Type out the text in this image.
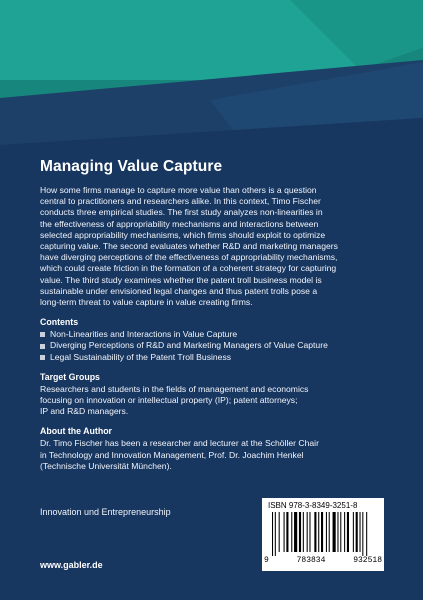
Managing Value Capture

How some firms manage to capture more value than others is a question

central to practitioners and researchers alike. In this context, Timo Fischer

conducts three empirical studies. The first study analyzes non-linearities in

the effectiveness of appropriability mechanisms and interactions between

selected appropriability mechanisms, which firms should exploit to optimize

capturing value. The second evaluates whether R&D and marketing managers

have diverging perceptions of the effectiveness of appropriability mechanisms,

which could create friction in the formation of a coherent strategy for capturing

value. The third study examines whether the patent troll business model is

sustainable under envisioned legal changes and thus patent trolls pose a

long-term threat to value capture in value creating firms.

Contents
Non-Linearities and Interactions in Value Capture
Diverging Perceptions of R&D and Marketing Managers of Value Capture
Legal Sustainability of the Patent Troll Business
Target Groups

Researchers and students in the fields of management and economics

focusing on innovation or intellectual property (IP); patent attorneys;

IP and R&D managers.

About the Author

Dr. Timo Fischer has been a researcher and lecturer at the Schöller Chair

in Technology and Innovation Management, Prof. Dr. Joachim Henkel

(Technische Universität München).

Innovation und Entrepreneurship
www.gabler.de
ISBN 978-3-8349-3251-8
9	783834	932518
